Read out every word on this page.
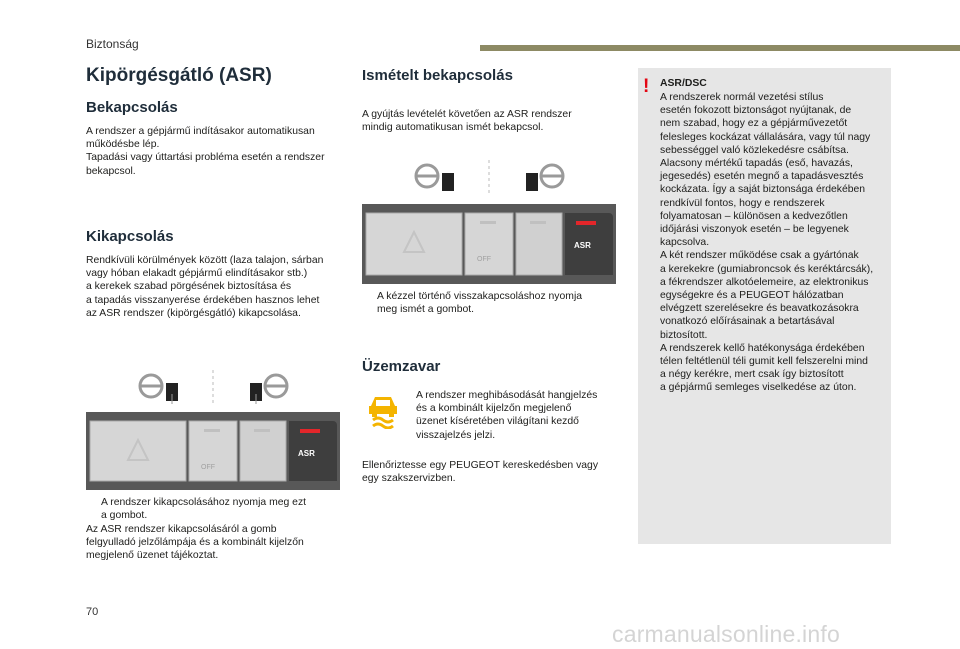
Biztonság
Kipörgésgátló (ASR)
Bekapcsolás

A rendszer a gépjármű indításakor automatikusan
működésbe lép.
Tapadási vagy úttartási probléma esetén a rendszer
bekapcsol.

Kikapcsolás

Rendkívüli körülmények között (laza talajon, sárban
vagy hóban elakadt gépjármű elindításakor stb.)
a kerekek szabad pörgésének biztosítása és
a tapadás visszanyerése érdekében hasznos lehet
az ASR rendszer (kipörgésgátló) kikapcsolása.

ASR
OFF
A rendszer kikapcsolásához nyomja meg ezt
a gombot.

Az ASR rendszer kikapcsolásáról a gomb
felgyulladó jelzőlámpája és a kombinált kijelzőn
megjelenő üzenet tájékoztat.

Ismételt bekapcsolás

A gyújtás levételét követően az ASR rendszer
mindig automatikusan ismét bekapcsol.

ASR
OFF
A kézzel történő visszakapcsoláshoz nyomja
meg ismét a gombot.
Üzemzavar

A rendszer meghibásodását hangjelzés
és a kombinált kijelzőn megjelenő
üzenet kíséretében világítani kezdő
visszajelzés jelzi.

Ellenőriztesse egy PEUGEOT kereskedésben vagy
egy szakszervizben.

! ASR/DSC
A rendszerek normál vezetési stílus
esetén fokozott biztonságot nyújtanak, de
nem szabad, hogy ez a gépjárművezetőt
felesleges kockázat vállalására, vagy túl nagy
sebességgel való közlekedésre csábítsa.
Alacsony mértékű tapadás (eső, havazás,
jegesedés) esetén megnő a tapadásvesztés
kockázata. Így a saját biztonsága érdekében
rendkívül fontos, hogy e rendszerek
folyamatosan – különösen a kedvezőtlen
időjárási viszonyok esetén – be legyenek
kapcsolva.
A két rendszer működése csak a gyártónak
a kerekekre (gumiabroncsok és keréktárcsák),
a fékrendszer alkotóelemeire, az elektronikus
egységekre és a PEUGEOT hálózatban
elvégzett szerelésekre és beavatkozásokra
vonatkozó előírásainak a betartásával
biztosított.
A rendszerek kellő hatékonysága érdekében
télen feltétlenül téli gumit kell felszerelni mind
a négy kerékre, mert csak így biztosított
a gépjármű semleges viselkedése az úton.
70
carmanualsonline.info
